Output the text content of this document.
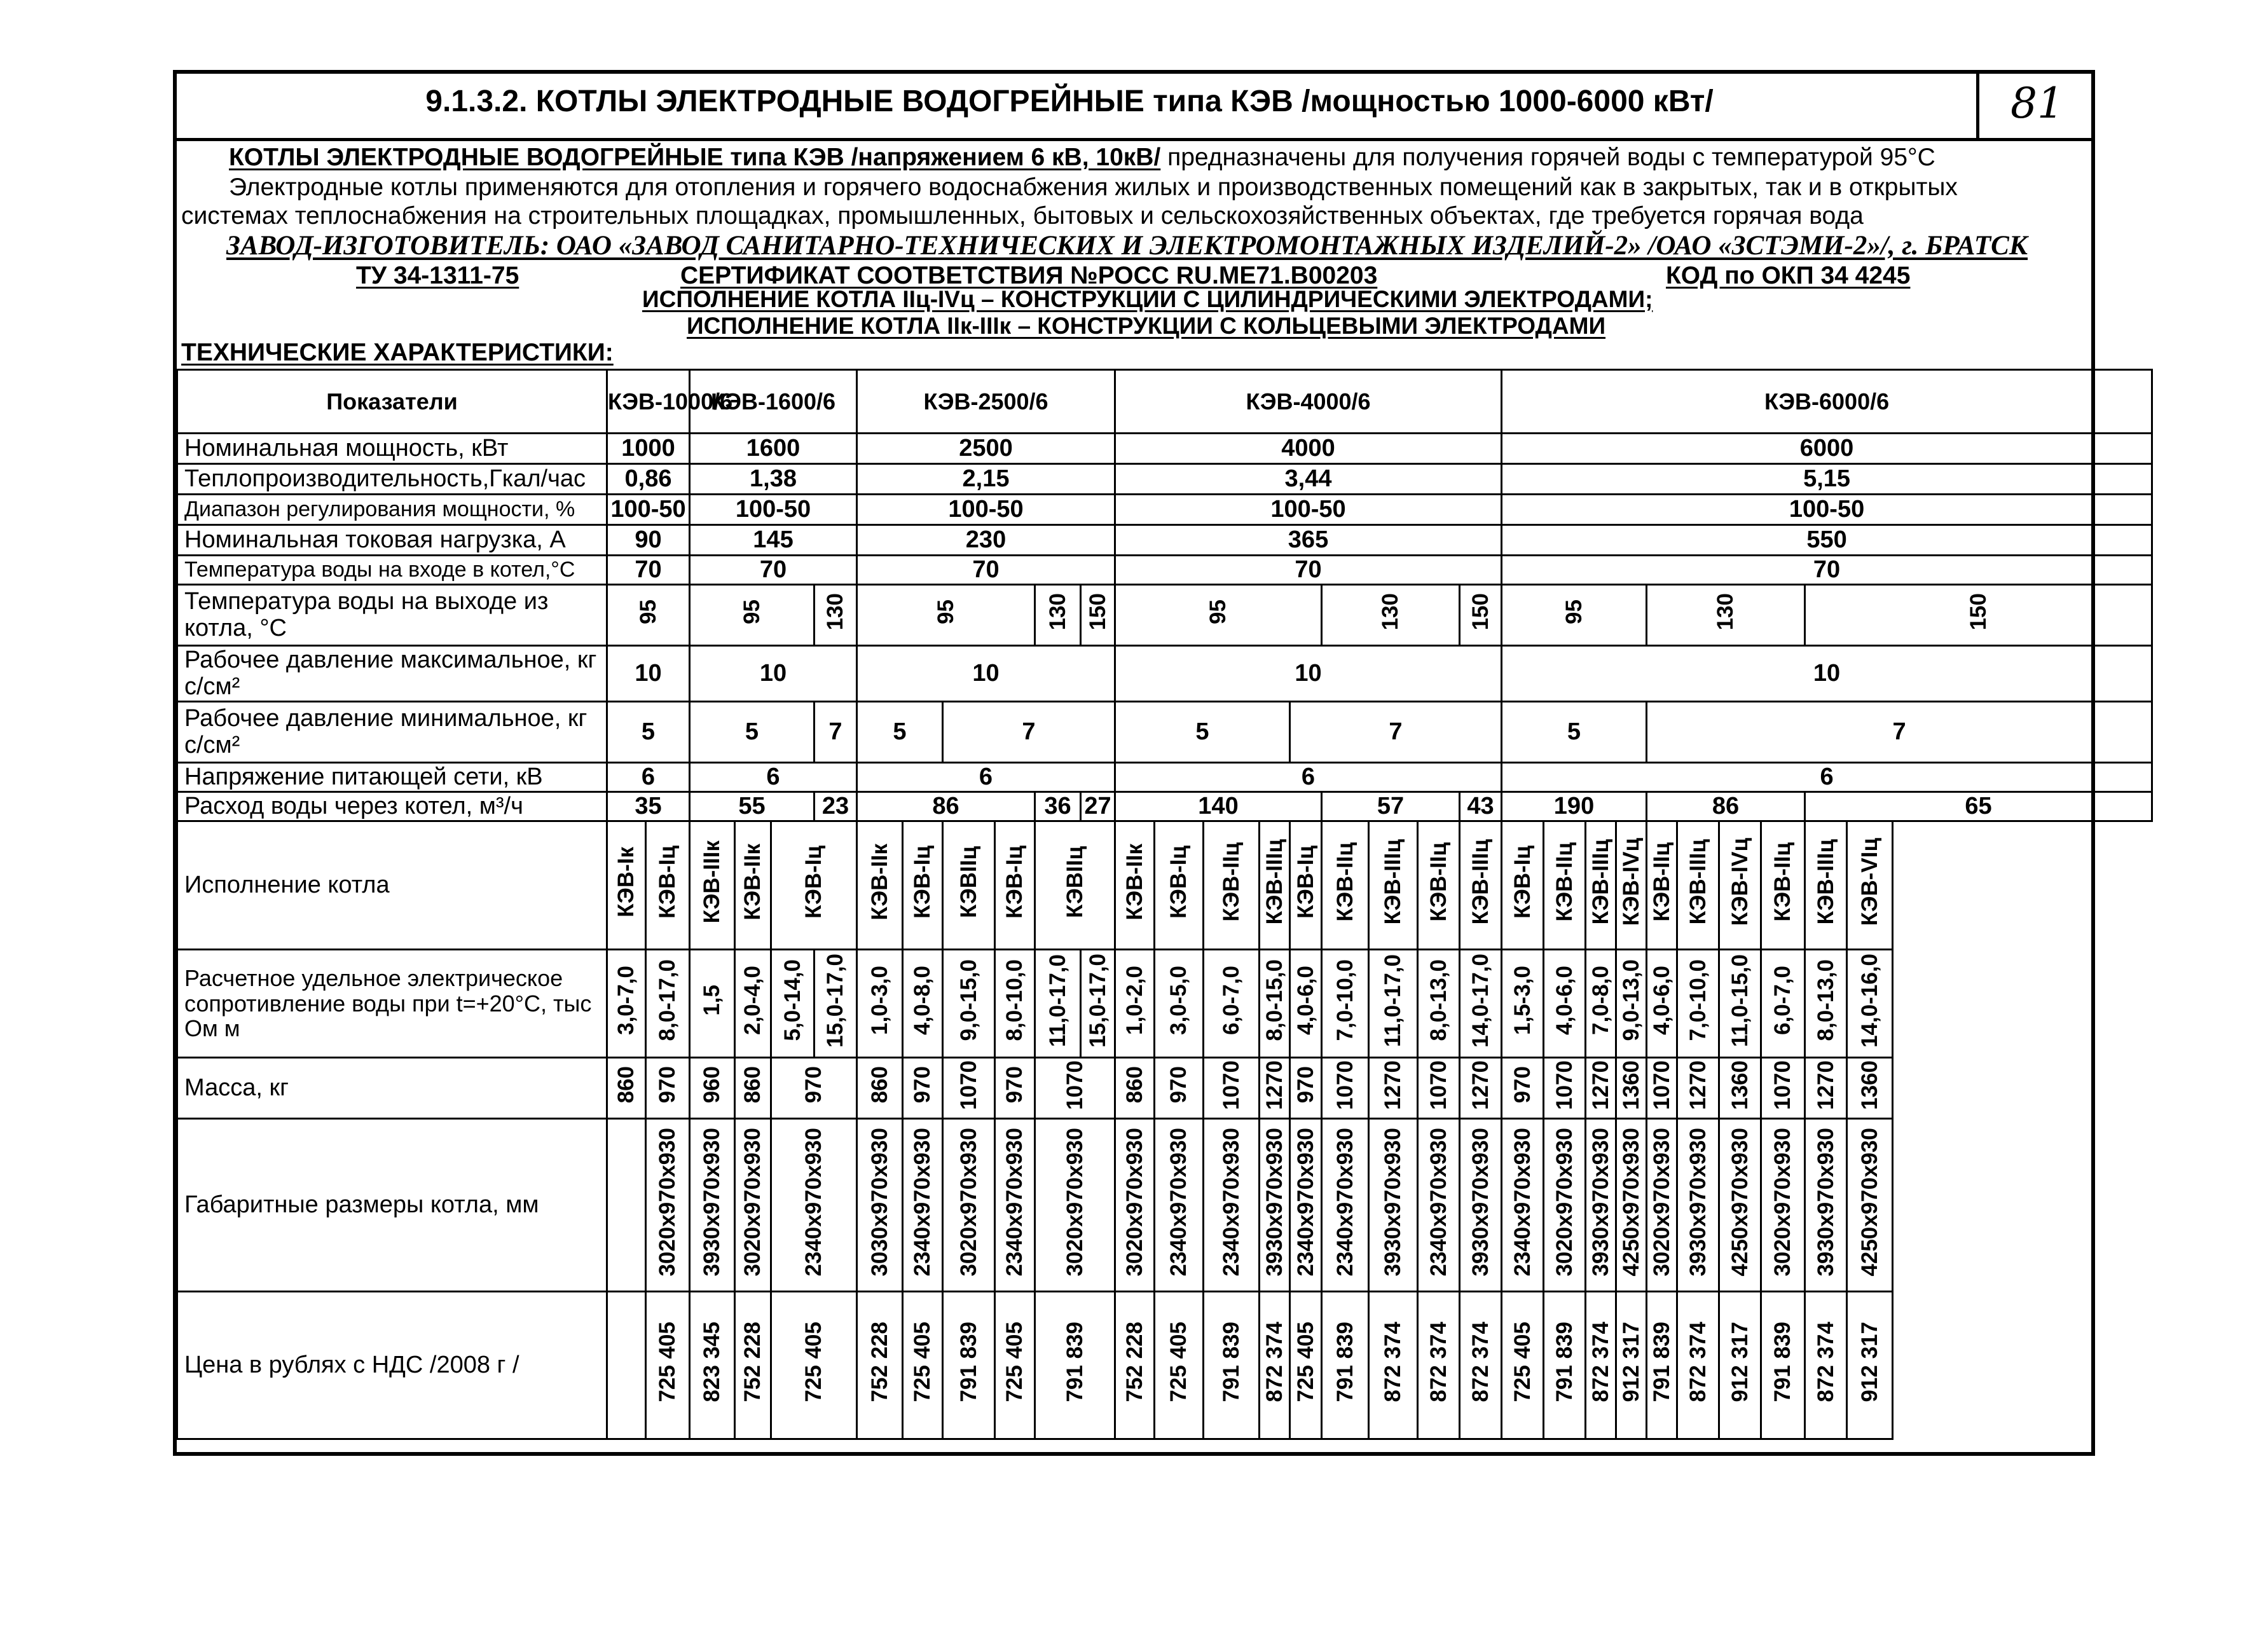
9.1.3.2. КОТЛЫ ЭЛЕКТРОДНЫЕ ВОДОГРЕЙНЫЕ типа КЭВ /мощностью 1000-6000 кВт/	81
КОТЛЫ ЭЛЕКТРОДНЫЕ ВОДОГРЕЙНЫЕ типа КЭВ /напряжением 6 кВ, 10кВ/ предназначены для получения горячей воды с температурой 95°С
Электродные котлы применяются для отопления и горячего водоснабжения жилых и производственных помещений как в закрытых, так и в открытых
системах теплоснабжения на строительных площадках, промышленных, бытовых и сельскохозяйственных объектах, где требуется горячая вода
ЗАВОД-ИЗГОТОВИТЕЛЬ: ОАО «ЗАВОД САНИТАРНО-ТЕХНИЧЕСКИХ И ЭЛЕКТРОМОНТАЖНЫХ ИЗДЕЛИЙ-2» /ОАО «ЗСТЭМИ-2»/, г. БРАТСК
ТУ 34-1311-75	СЕРТИФИКАТ СООТВЕТСТВИЯ №РОСС RU.МЕ71.В00203	КОД по ОКП 34 4245
ИСПОЛНЕНИЕ КОТЛА IIц-IVц – КОНСТРУКЦИИ С ЦИЛИНДРИЧЕСКИМИ ЭЛЕКТРОДАМИ;
ИСПОЛНЕНИЕ КОТЛА IIк-IIIк – КОНСТРУКЦИИ С КОЛЬЦЕВЫМИ ЭЛЕКТРОДАМИ
ТЕХНИЧЕСКИЕ ХАРАКТЕРИСТИКИ:
Показатели	КЭВ-1000/6		КЭВ-1600/6				КЭВ-2500/6						КЭВ-4000/6									КЭВ-6000/6									
Номинальная мощность, кВт	1000		1600				2500						4000									6000									
Теплопроизводительность,Гкал/час	0,86		1,38				2,15						3,44									5,15									
Диапазон регулирования мощности, %	100-50		100-50				100-50						100-50									100-50									
Номинальная токовая нагрузка, А	90		145				230						365									550									
Температура воды на входе в котел,°С	70		70				70						70									70									
Температура воды на выходе из котла, °С	95		95			130	95				130	150	95					130			150	95				130				150	
Рабочее давление максимальное, кг с/см²	10		10				10						10									10									
Рабочее давление минимальное, кг с/см²	5		5			7	5		7				5				7					5				7					
Напряжение питающей сети, кВ	6		6				6						6									6									
Расход воды через котел, м³/ч	35		55			23	86				36	27	140					57			43	190				86				65	
Исполнение котла	КЭВ-Iк	КЭВ-Iц	КЭВ-IIIк	КЭВ-IIк	КЭВ-Iц		КЭВ-IIк	КЭВ-Iц	КЭВIIц	КЭВ-Iц	КЭВIIц		КЭВ-IIк	КЭВ-Iц	КЭВ-IIц	КЭВ-IIIц	КЭВ-Iц	КЭВ-IIц	КЭВ-IIIц	КЭВ-IIц	КЭВ-IIIц	КЭВ-Iц	КЭВ-IIц	КЭВ-IIIц	КЭВ-IVц	КЭВ-IIц	КЭВ-IIIц	КЭВ-IVц	КЭВ-IIц	КЭВ-IIIц	КЭВ-VIц
Расчетное удельное электрическое сопротивление воды при t=+20°С, тыс Ом м	3,0-7,0	8,0-17,0	1,5	2,0-4,0	5,0-14,0	15,0-17,0	1,0-3,0	4,0-8,0	9,0-15,0	8,0-10,0	11,0-17,0	15,0-17,0	1,0-2,0	3,0-5,0	6,0-7,0	8,0-15,0	4,0-6,0	7,0-10,0	11,0-17,0	8,0-13,0	14,0-17,0	1,5-3,0	4,0-6,0	7,0-8,0	9,0-13,0	4,0-6,0	7,0-10,0	11,0-15,0	6,0-7,0	8,0-13,0	14,0-16,0
Масса, кг	860	970	960	860	970		860	970	1070	970	1070		860	970	1070	1270	970	1070	1270	1070	1270	970	1070	1270	1360	1070	1270	1360	1070	1270	1360
Габаритные размеры котла, мм		3020x970x930	3930x970x930	3020x970x930	2340x970x930		3030x970x930	2340x970x930	3020x970x930	2340x970x930	3020x970x930		3020x970x930	2340x970x930	2340x970x930	3930x970x930	2340x970x930	2340x970x930	3930x970x930	2340x970x930	3930x970x930	2340x970x930	3020x970x930	3930x970x930	4250x970x930	3020x970x930	3930x970x930	4250x970x930	3020x970x930	3930x970x930	4250x970x930
Цена в рублях с НДС /2008 г /		725 405	823 345	752 228	725 405		752 228	725 405	791 839	725 405	791 839		752 228	725 405	791 839	872 374	725 405	791 839	872 374	872 374	872 374	725 405	791 839	872 374	912 317	791 839	872 374	912 317	791 839	872 374	912 317
